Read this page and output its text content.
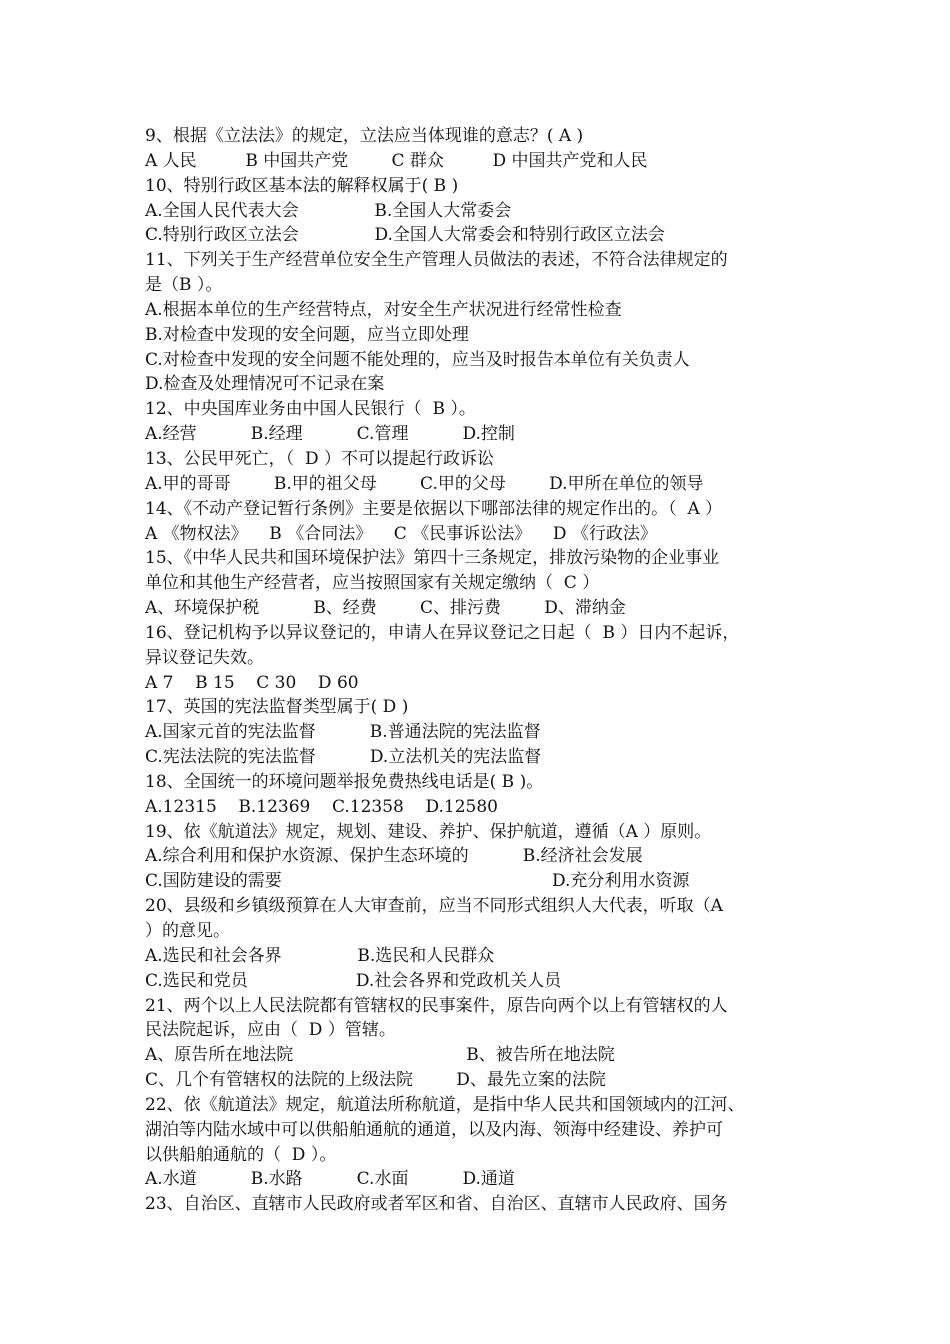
9、根据《立法法》的规定，立法应当体现谁的意志？( A )
A 人民         B 中国共产党        C 群众         D 中国共产党和人民
10、特别行政区基本法的解释权属于( B )
A.全国人民代表大会              B.全国人大常委会
C.特别行政区立法会              D.全国人大常委会和特别行政区立法会
11、下列关于生产经营单位安全生产管理人员做法的表述，不符合法律规定的
是（B ）。
A.根据本单位的生产经营特点，对安全生产状况进行经常性检查
B.对检查中发现的安全问题，应当立即处理
C.对检查中发现的安全问题不能处理的，应当及时报告本单位有关负责人
D.检查及处理情况可不记录在案
12、中央国库业务由中国人民银行（  B ）。
A.经营          B.经理          C.管理          D.控制
13、公民甲死亡，（  D ）不可以提起行政诉讼
A.甲的哥哥        B.甲的祖父母        C.甲的父母        D.甲所在单位的领导
14、《不动产登记暂行条例》主要是依据以下哪部法律的规定作出的。（  A ）
A 《物权法》    B 《合同法》    C 《民事诉讼法》    D 《行政法》
15、《中华人民共和国环境保护法》第四十三条规定，排放污染物的企业事业
单位和其他生产经营者，应当按照国家有关规定缴纳（  C ）
A、环境保护税          B、经费        C、排污费        D、滞纳金
16、登记机构予以异议登记的，申请人在异议登记之日起（  B ）日内不起诉，
异议登记失效。
A 7    B 15    C 30    D 60
17、英国的宪法监督类型属于( D )
A.国家元首的宪法监督          B.普通法院的宪法监督
C.宪法法院的宪法监督          D.立法机关的宪法监督
18、全国统一的环境问题举报免费热线电话是( B )。
A.12315    B.12369    C.12358    D.12580
19、依《航道法》规定，规划、建设、养护、保护航道，遵循（A ）原则。
A.综合利用和保护水资源、保护生态环境的          B.经济社会发展
C.国防建设的需要                                                  D.充分利用水资源
20、县级和乡镇级预算在人大审查前，应当不同形式组织人大代表，听取（A
）的意见。
A.选民和社会各界              B.选民和人民群众
C.选民和党员                    D.社会各界和党政机关人员
21、两个以上人民法院都有管辖权的民事案件，原告向两个以上有管辖权的人
民法院起诉，应由（  D ）管辖。
A、原告所在地法院                                B、被告所在地法院
C、几个有管辖权的法院的上级法院        D、最先立案的法院
22、依《航道法》规定，航道法所称航道，是指中华人民共和国领域内的江河、
湖泊等内陆水域中可以供船舶通航的通道，以及内海、领海中经建设、养护可
以供船舶通航的（  D ）。
A.水道          B.水路          C.水面          D.通道
23、自治区、直辖市人民政府或者军区和省、自治区、直辖市人民政府、国务
